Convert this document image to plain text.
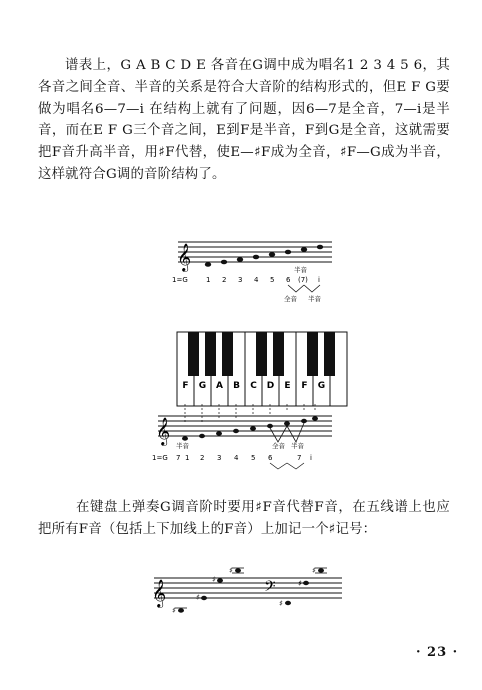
谱表上，G A B C D E 各音在G调中成为唱名1 2 3 4 5 6，其各音之间全音、半音的关系是符合大音阶的结构形式的，但E F G要做为唱名6—7—i 在结构上就有了问题，因6—7是全音，7—i是半音，而在E F G三个音之间，E到F是半音，F到G是全音，这就需要把F音升高半音，用♯F代替，使E—♯F成为全音，♯F—G成为半音，这样就符合G调的音阶结构了。

𝄞	半音
1=G	1 2 3 4 5 6 (7) i
全音 半音
F G A B C D E F G
𝄞
半音	全音 半音
1=G 7 1 2 3 4 5 6	7 i

在键盘上弹奏G调音阶时要用♯F音代替F音，在五线谱上也应把所有F音（包括上下加线上的F音）上加记一个♯记号：

𝄞	𝄢
♯
♯
♯
♯
♯
♯
♯
· 23 ·
